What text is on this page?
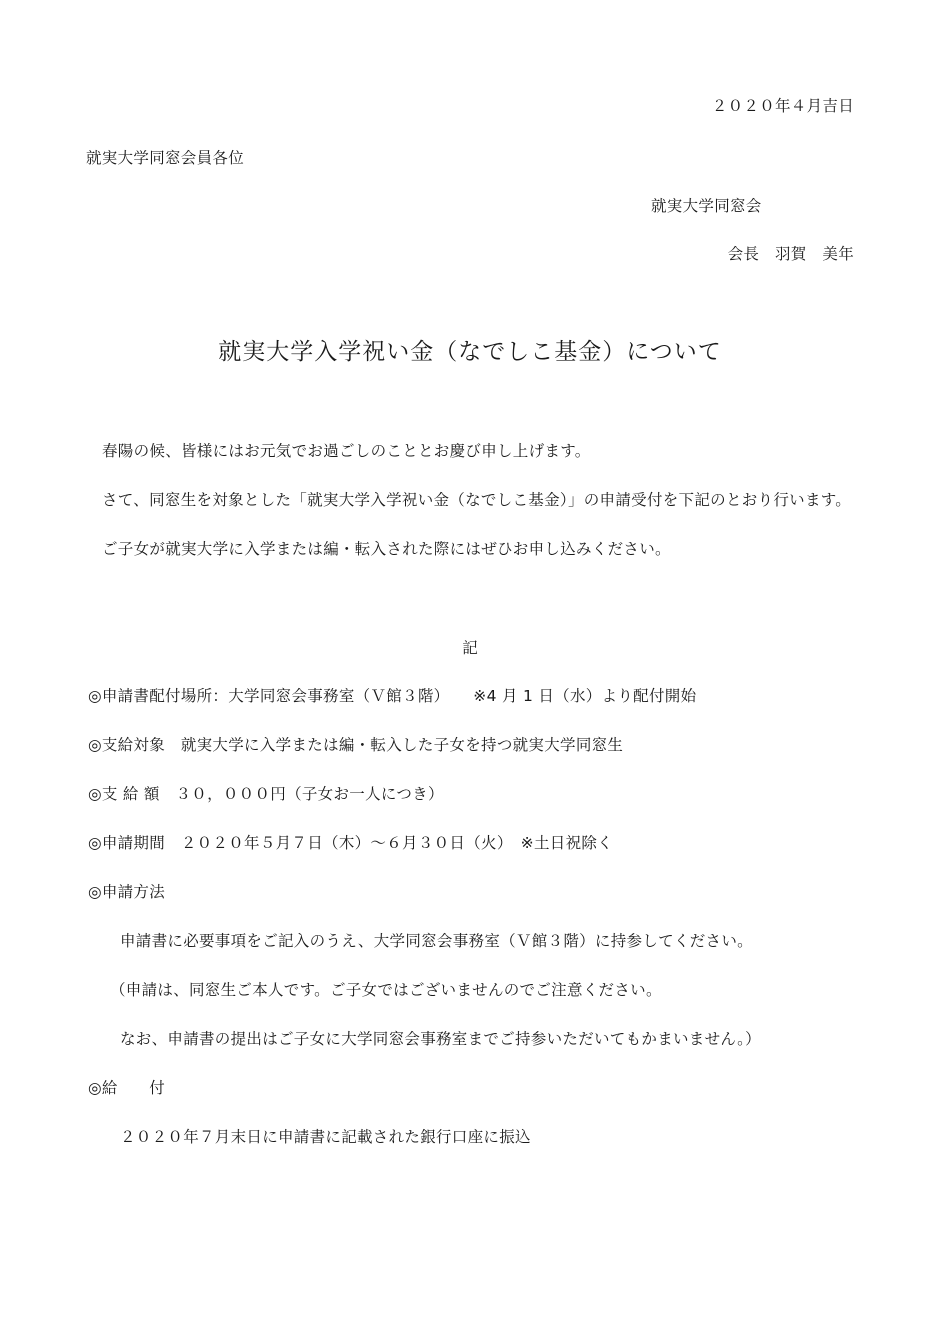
２０２０年４月吉日
就実大学同窓会員各位
就実大学同窓会
会長　羽賀　美年
就実大学入学祝い金（なでしこ基金）について
春陽の候、皆様にはお元気でお過ごしのこととお慶び申し上げます。
さて、同窓生を対象とした「就実大学入学祝い金（なでしこ基金）」の申請受付を下記のとおり行います。
ご子女が就実大学に入学または編・転入された際にはぜひお申し込みください。
記
◎申請書配付場所：大学同窓会事務室（Ｖ館３階）　　※4 月 1 日（水）より配付開始
◎支給対象　就実大学に入学または編・転入した子女を持つ就実大学同窓生
◎支 給 額　３０，０００円（子女お一人につき）
◎申請期間　２０２０年５月７日（木）～６月３０日（火）　※土日祝除く
◎申請方法
申請書に必要事項をご記入のうえ、大学同窓会事務室（Ｖ館３階）に持参してください。
（申請は、同窓生ご本人です。ご子女ではございませんのでご注意ください。
なお、申請書の提出はご子女に大学同窓会事務室までご持参いただいてもかまいません。）
◎給　　付
２０２０年７月末日に申請書に記載された銀行口座に振込
